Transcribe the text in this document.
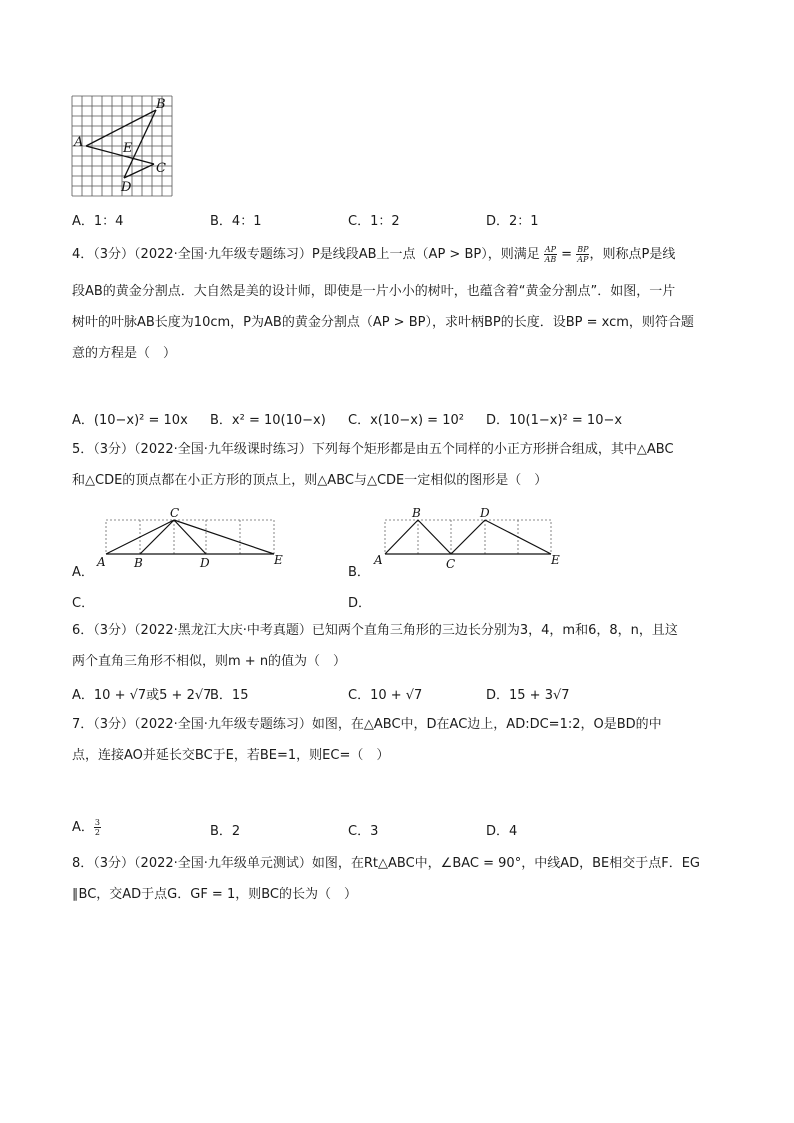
A
B
E
C
D
A．1：4	B．4：1	C．1：2	D．2：1
4．（3分）（2022·全国·九年级专题练习）P是线段AB上一点（AP > BP），则满足 $\frac{AP}{AB} = \frac{BP}{AP}$ ，则称点P是线
段AB的黄金分割点．大自然是美的设计师，即使是一片小小的树叶，也蕴含着“黄金分割点”．如图，一片
树叶的叶脉AB长度为10cm，P为AB的黄金分割点（AP > BP），求叶柄BP的长度．设BP = xcm，则符合题
意的方程是（　）
A．(10−x)² = 10x B．x² = 10(10−x) C．x(10−x) = 10² D．10(1−x)² = 10−x
5．（3分）（2022·全国·九年级课时练习）下列每个矩形都是由五个同样的小正方形拼合组成，其中△ABC
和△CDE的顶点都在小正方形的顶点上，则△ABC与△CDE一定相似的图形是（　）
C
A B	D	E
B	D
A	C	E
A．	B．
C．	D．
6．（3分）（2022·黑龙江大庆·中考真题）已知两个直角三角形的三边长分别为3，4，m和6，8，n，且这
两个直角三角形不相似，则m + n的值为（　）
A．10 + √7或5 + 2√7
B．15	C．10 + √7	D．15 + 3√7
7．（3分）（2022·全国·九年级专题练习）如图，在△ABC中，D在AC边上，AD:DC=1:2，O是BD的中
点，连接AO并延长交BC于E，若BE=1，则EC=（　）
A． $\frac{3}{2}$	B．2	C．3	D．4
8．（3分）（2022·全国·九年级单元测试）如图，在Rt△ABC中，∠BAC = 90°，中线AD，BE相交于点F．EG
∥BC，交AD于点G．GF = 1，则BC的长为（　）
